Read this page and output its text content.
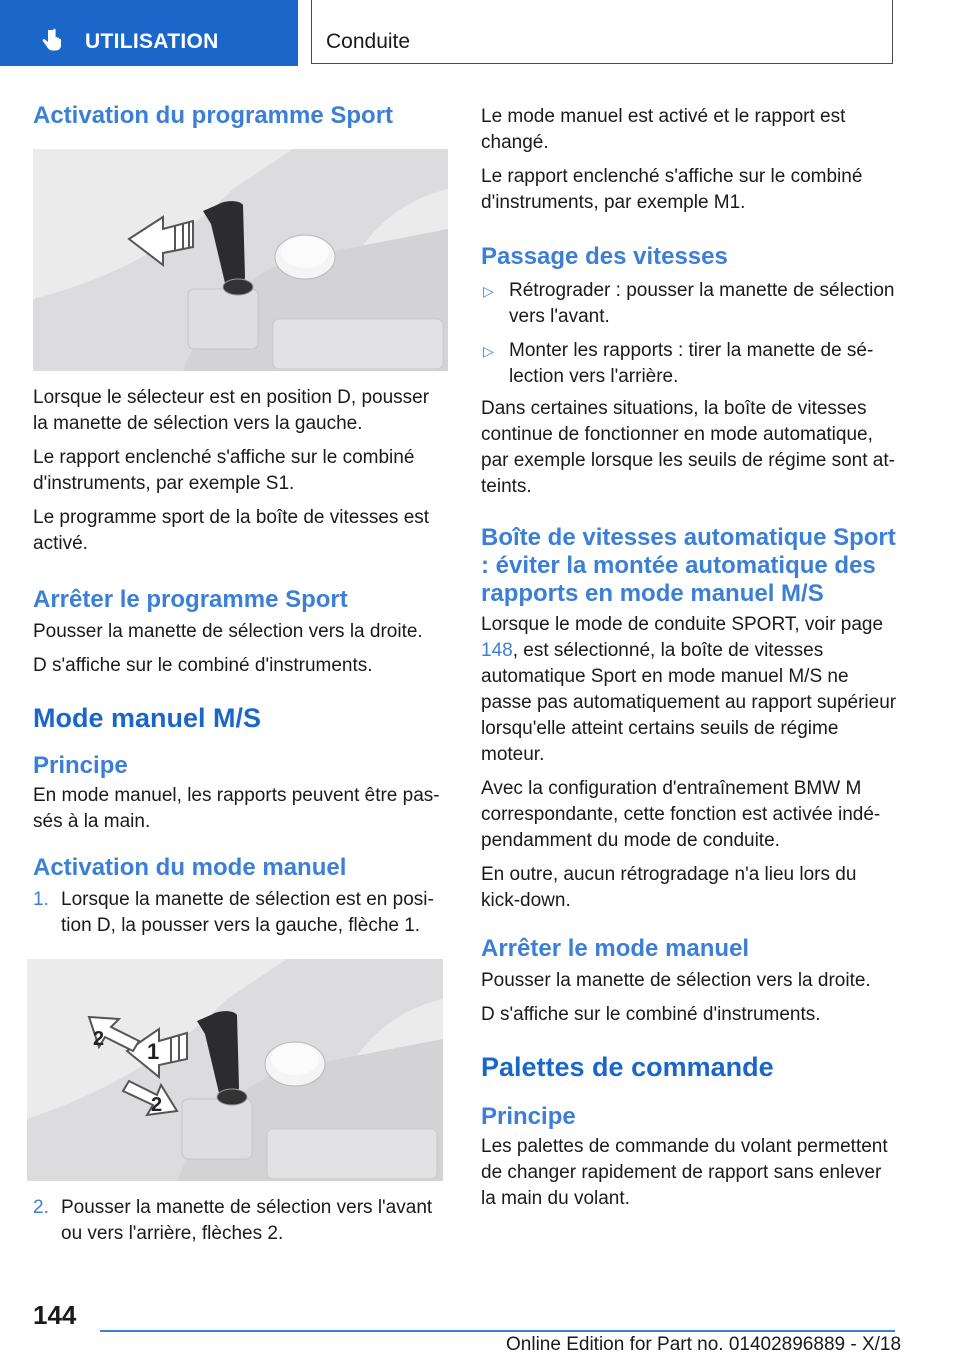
UTILISATION	Conduite
Activation du programme Sport

Lorsque le sélecteur est en position D, pousser la manette de sélection vers la gauche.

Le rapport enclenché s'affiche sur le combiné d'instruments, par exemple S1.

Le programme sport de la boîte de vitesses est activé.

Arrêter le programme Sport

Pousser la manette de sélection vers la droite.

D s'affiche sur le combiné d'instruments.

Mode manuel M/S
Principe

En mode manuel, les rapports peuvent être passés à la main.

Activation du mode manuel
1. Lorsque la manette de sélection est en position D, la pousser vers la gauche, flèche 1.
1
2
2
2. Pousser la manette de sélection vers l'avant ou vers l'arrière, flèches 2.

Le mode manuel est activé et le rapport est changé.

Le rapport enclenché s'affiche sur le combiné d'instruments, par exemple M1.

Passage des vitesses
▷ Rétrograder : pousser la manette de sélection vers l'avant.
▷ Monter les rapports : tirer la manette de sélection vers l'arrière.

Dans certaines situations, la boîte de vitesses continue de fonctionner en mode automatique, par exemple lorsque les seuils de régime sont atteints.

Boîte de vitesses automatique Sport : éviter la montée automatique des rapports en mode manuel M/S

Lorsque le mode de conduite SPORT, voir page 148, est sélectionné, la boîte de vitesses automatique Sport en mode manuel M/S ne passe pas automatiquement au rapport supérieur lorsqu'elle atteint certains seuils de régime moteur.

Avec la configuration d'entraînement BMW M correspondante, cette fonction est activée indépendamment du mode de conduite.

En outre, aucun rétrogradage n'a lieu lors du kick-down.

Arrêter le mode manuel

Pousser la manette de sélection vers la droite.

D s'affiche sur le combiné d'instruments.

Palettes de commande
Principe

Les palettes de commande du volant permettent de changer rapidement de rapport sans enlever la main du volant.

144
Online Edition for Part no. 01402896889 - X/18
